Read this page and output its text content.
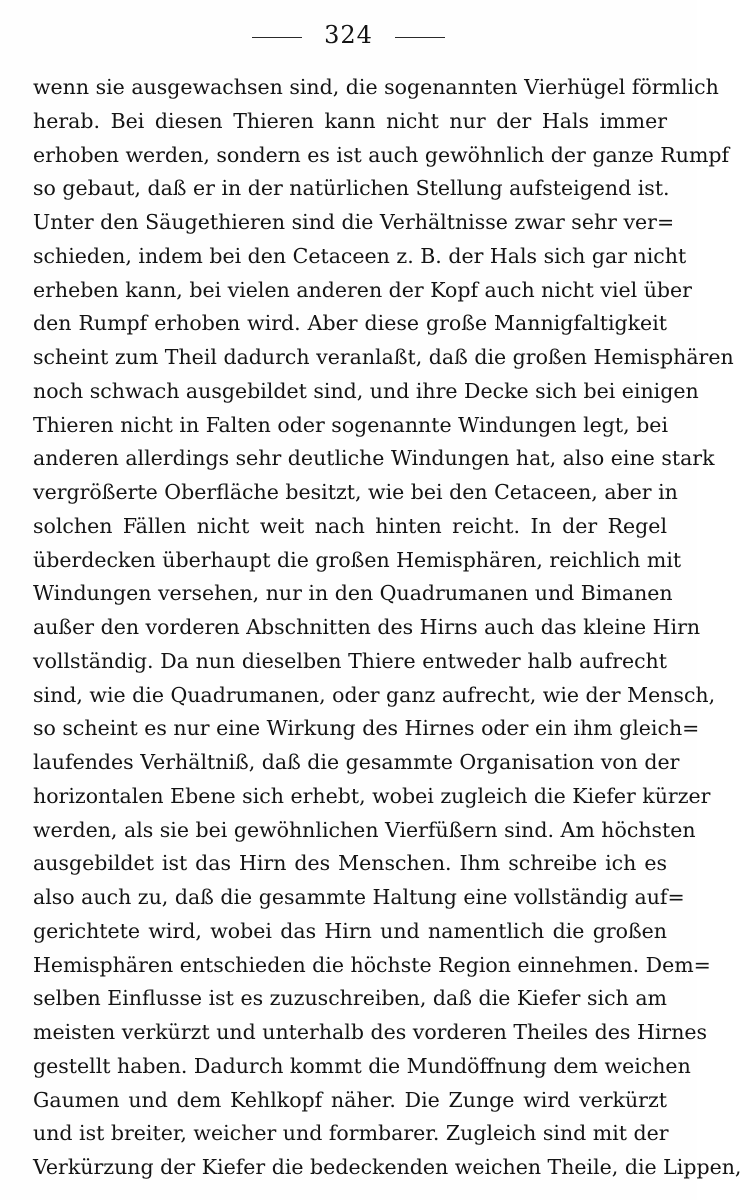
324
wenn sie ausgewachsen sind, die sogenannten Vierhügel förmlich
herab. Bei diesen Thieren kann nicht nur der Hals immer
erhoben werden, sondern es ist auch gewöhnlich der ganze Rumpf
so gebaut, daß er in der natürlichen Stellung aufsteigend ist.
Unter den Säugethieren sind die Verhältnisse zwar sehr ver=
schieden, indem bei den Cetaceen z. B. der Hals sich gar nicht
erheben kann, bei vielen anderen der Kopf auch nicht viel über
den Rumpf erhoben wird. Aber diese große Mannigfaltigkeit
scheint zum Theil dadurch veranlaßt, daß die großen Hemisphären
noch schwach ausgebildet sind, und ihre Decke sich bei einigen
Thieren nicht in Falten oder sogenannte Windungen legt, bei
anderen allerdings sehr deutliche Windungen hat, also eine stark
vergrößerte Oberfläche besitzt, wie bei den Cetaceen, aber in
solchen Fällen nicht weit nach hinten reicht. In der Regel
überdecken überhaupt die großen Hemisphären, reichlich mit
Windungen versehen, nur in den Quadrumanen und Bimanen
außer den vorderen Abschnitten des Hirns auch das kleine Hirn
vollständig. Da nun dieselben Thiere entweder halb aufrecht
sind, wie die Quadrumanen, oder ganz aufrecht, wie der Mensch,
so scheint es nur eine Wirkung des Hirnes oder ein ihm gleich=
laufendes Verhältniß, daß die gesammte Organisation von der
horizontalen Ebene sich erhebt, wobei zugleich die Kiefer kürzer
werden, als sie bei gewöhnlichen Vierfüßern sind. Am höchsten
ausgebildet ist das Hirn des Menschen. Ihm schreibe ich es
also auch zu, daß die gesammte Haltung eine vollständig auf=
gerichtete wird, wobei das Hirn und namentlich die großen
Hemisphären entschieden die höchste Region einnehmen. Dem=
selben Einflusse ist es zuzuschreiben, daß die Kiefer sich am
meisten verkürzt und unterhalb des vorderen Theiles des Hirnes
gestellt haben. Dadurch kommt die Mundöffnung dem weichen
Gaumen und dem Kehlkopf näher. Die Zunge wird verkürzt
und ist breiter, weicher und formbarer. Zugleich sind mit der
Verkürzung der Kiefer die bedeckenden weichen Theile, die Lippen,
